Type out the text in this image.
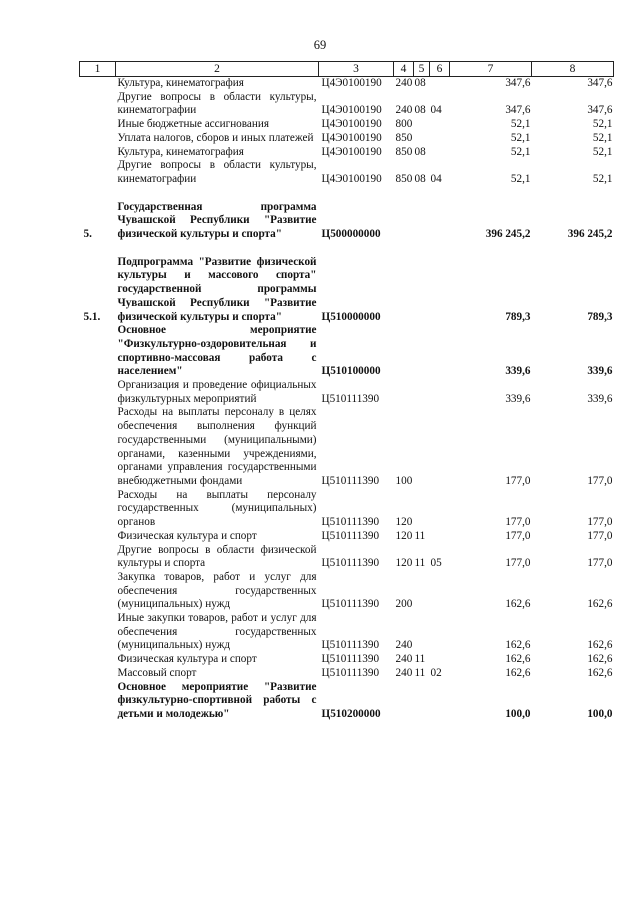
69
1	2	3	4	5	6	7	8
	Культура, кинематография	Ц4Э0100190	240	08		347,6	347,6
	Другие вопросы в области культуры, кинематографии	Ц4Э0100190	240	08	04	347,6	347,6
	Иные бюджетные ассигнования	Ц4Э0100190	800			52,1	52,1
	Уплата налогов, сборов и иных платежей	Ц4Э0100190	850			52,1	52,1
	Культура, кинематография	Ц4Э0100190	850	08		52,1	52,1
	Другие вопросы в области культуры, кинематографии	Ц4Э0100190	850	08	04	52,1	52,1

5.	Государственная программа Чувашской Республики "Развитие физической культуры и спорта"	Ц500000000				396 245,2	396 245,2

5.1.	Подпрограмма "Развитие физической культуры и массового спорта" государственной программы Чувашской Республики "Развитие физической культуры и спорта"	Ц510000000				789,3	789,3
	Основное мероприятие "Физкультурно-оздоровительная и спортивно-массовая работа с населением"	Ц510100000				339,6	339,6
	Организация и проведение официальных физкультурных мероприятий	Ц510111390				339,6	339,6
	Расходы на выплаты персоналу в целях обеспечения выполнения функций государственными (муниципальными) органами, казенными учреждениями, органами управления государственными внебюджетными фондами	Ц510111390	100			177,0	177,0
	Расходы на выплаты персоналу государственных (муниципальных) органов	Ц510111390	120			177,0	177,0
	Физическая культура и спорт	Ц510111390	120	11		177,0	177,0
	Другие вопросы в области физической культуры и спорта	Ц510111390	120	11	05	177,0	177,0
	Закупка товаров, работ и услуг для обеспечения государственных (муниципальных) нужд	Ц510111390	200			162,6	162,6
	Иные закупки товаров, работ и услуг для обеспечения государственных (муниципальных) нужд	Ц510111390	240			162,6	162,6
	Физическая культура и спорт	Ц510111390	240	11		162,6	162,6
	Массовый спорт	Ц510111390	240	11	02	162,6	162,6
	Основное мероприятие "Развитие физкультурно-спортивной работы с детьми и молодежью"	Ц510200000				100,0	100,0
